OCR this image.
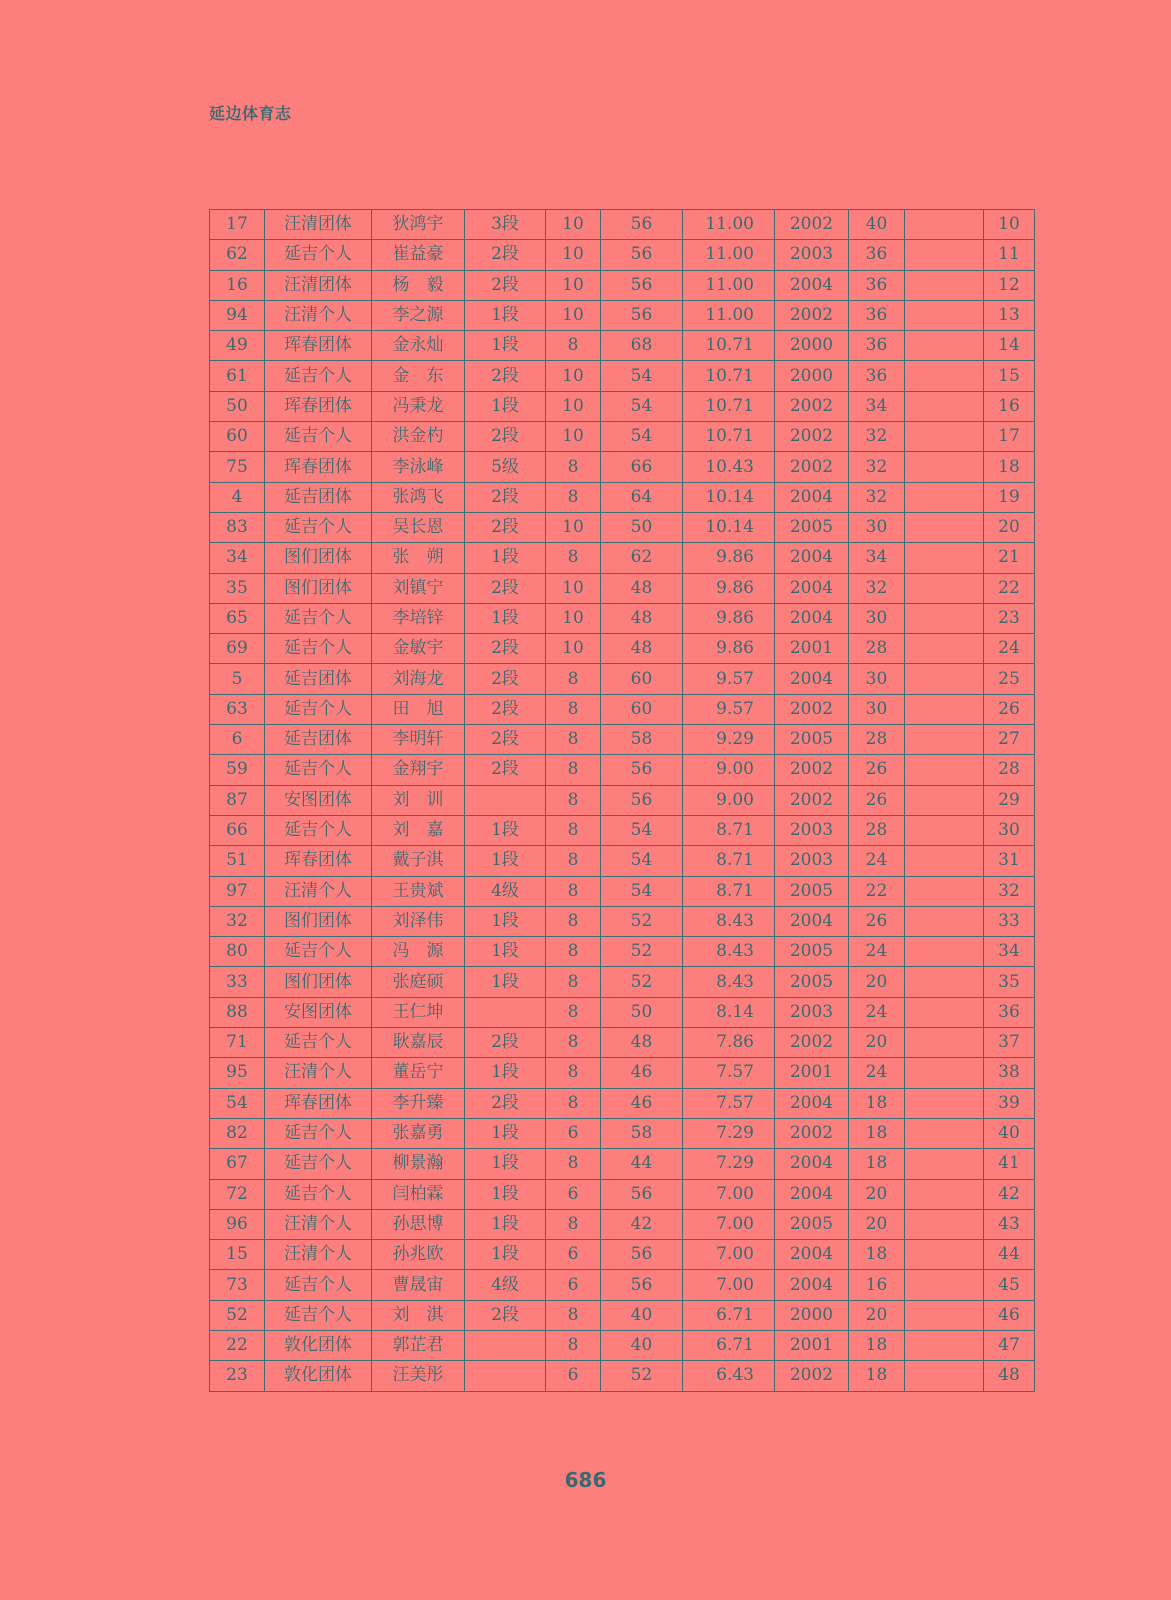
延边体育志
17	汪清团体	狄鸿宇	3段	10	56	11.00	2002	40		10
62	延吉个人	崔益豪	2段	10	56	11.00	2003	36		11
16	汪清团体	杨　毅	2段	10	56	11.00	2004	36		12
94	汪清个人	李之源	1段	10	56	11.00	2002	36		13
49	珲春团体	金永灿	1段	8	68	10.71	2000	36		14
61	延吉个人	金　东	2段	10	54	10.71	2000	36		15
50	珲春团体	冯秉龙	1段	10	54	10.71	2002	34		16
60	延吉个人	洪金杓	2段	10	54	10.71	2002	32		17
75	珲春团体	李泳峰	5级	8	66	10.43	2002	32		18
4	延吉团体	张鸿飞	2段	8	64	10.14	2004	32		19
83	延吉个人	吴长恩	2段	10	50	10.14	2005	30		20
34	图们团体	张　朔	1段	8	62	9.86	2004	34		21
35	图们团体	刘镇宁	2段	10	48	9.86	2004	32		22
65	延吉个人	李培锌	1段	10	48	9.86	2004	30		23
69	延吉个人	金敏宇	2段	10	48	9.86	2001	28		24
5	延吉团体	刘海龙	2段	8	60	9.57	2004	30		25
63	延吉个人	田　旭	2段	8	60	9.57	2002	30		26
6	延吉团体	李明轩	2段	8	58	9.29	2005	28		27
59	延吉个人	金翔宇	2段	8	56	9.00	2002	26		28
87	安图团体	刘　训		8	56	9.00	2002	26		29
66	延吉个人	刘　嘉	1段	8	54	8.71	2003	28		30
51	珲春团体	戴子淇	1段	8	54	8.71	2003	24		31
97	汪清个人	王贵斌	4级	8	54	8.71	2005	22		32
32	图们团体	刘泽伟	1段	8	52	8.43	2004	26		33
80	延吉个人	冯　源	1段	8	52	8.43	2005	24		34
33	图们团体	张庭硕	1段	8	52	8.43	2005	20		35
88	安图团体	王仁坤		8	50	8.14	2003	24		36
71	延吉个人	耿嘉辰	2段	8	48	7.86	2002	20		37
95	汪清个人	董岳宁	1段	8	46	7.57	2001	24		38
54	珲春团体	李升臻	2段	8	46	7.57	2004	18		39
82	延吉个人	张嘉勇	1段	6	58	7.29	2002	18		40
67	延吉个人	柳景瀚	1段	8	44	7.29	2004	18		41
72	延吉个人	闫柏霖	1段	6	56	7.00	2004	20		42
96	汪清个人	孙思博	1段	8	42	7.00	2005	20		43
15	汪清个人	孙兆欧	1段	6	56	7.00	2004	18		44
73	延吉个人	曹晟宙	4级	6	56	7.00	2004	16		45
52	延吉个人	刘　淇	2段	8	40	6.71	2000	20		46
22	敦化团体	郭芷君		8	40	6.71	2001	18		47
23	敦化团体	汪美彤		6	52	6.43	2002	18		48
686
